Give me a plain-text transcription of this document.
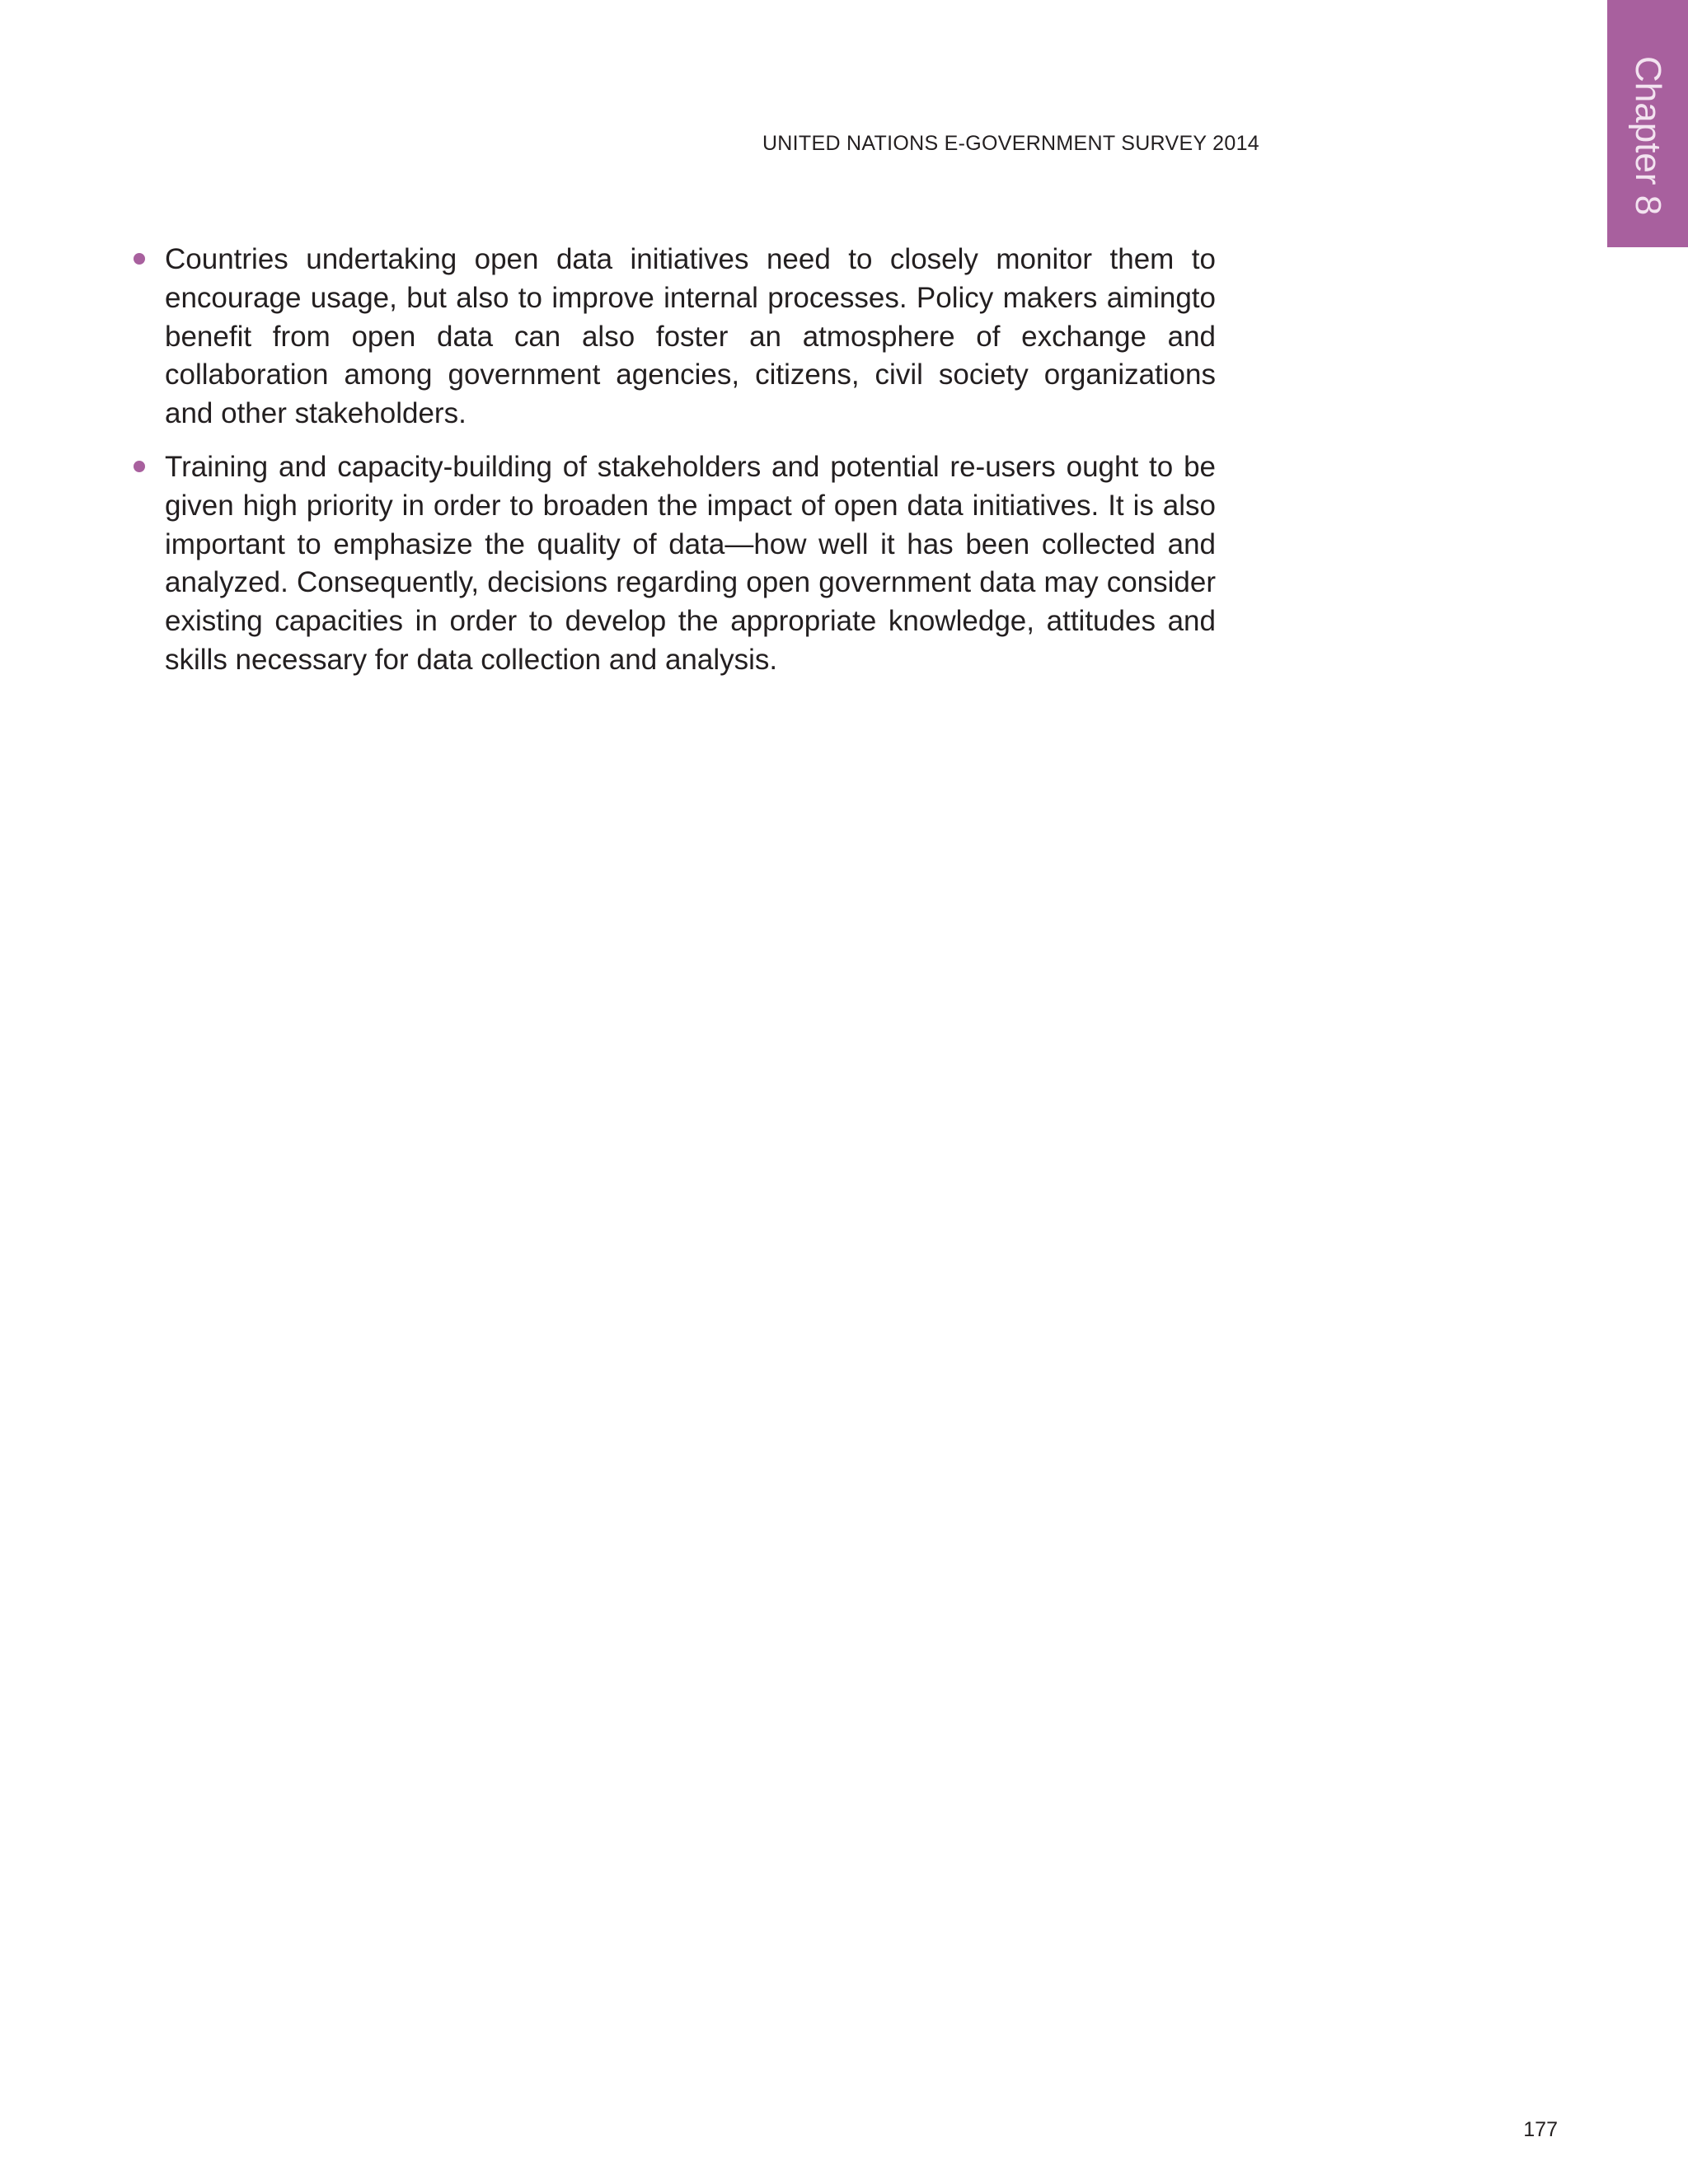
Chapter 8
UNITED NATIONS E-GOVERNMENT SURVEY 2014
Countries undertaking open data initiatives need to closely monitor them to encourage usage, but also to improve internal processes. Policy makers aimingto benefit from open data can also foster an atmosphere of exchange and collaboration among government agencies, citizens, civil society organizations and other stakeholders.
Training and capacity-building of stakeholders and potential re-users ought to be given high priority in order to broaden the impact of open data initiatives. It is also important to emphasize the quality of data—how well it has been collected and analyzed. Consequently, decisions regarding open government data may consider existing capacities in order to develop the appropriate knowledge, attitudes and skills necessary for data collection and analysis.
177
